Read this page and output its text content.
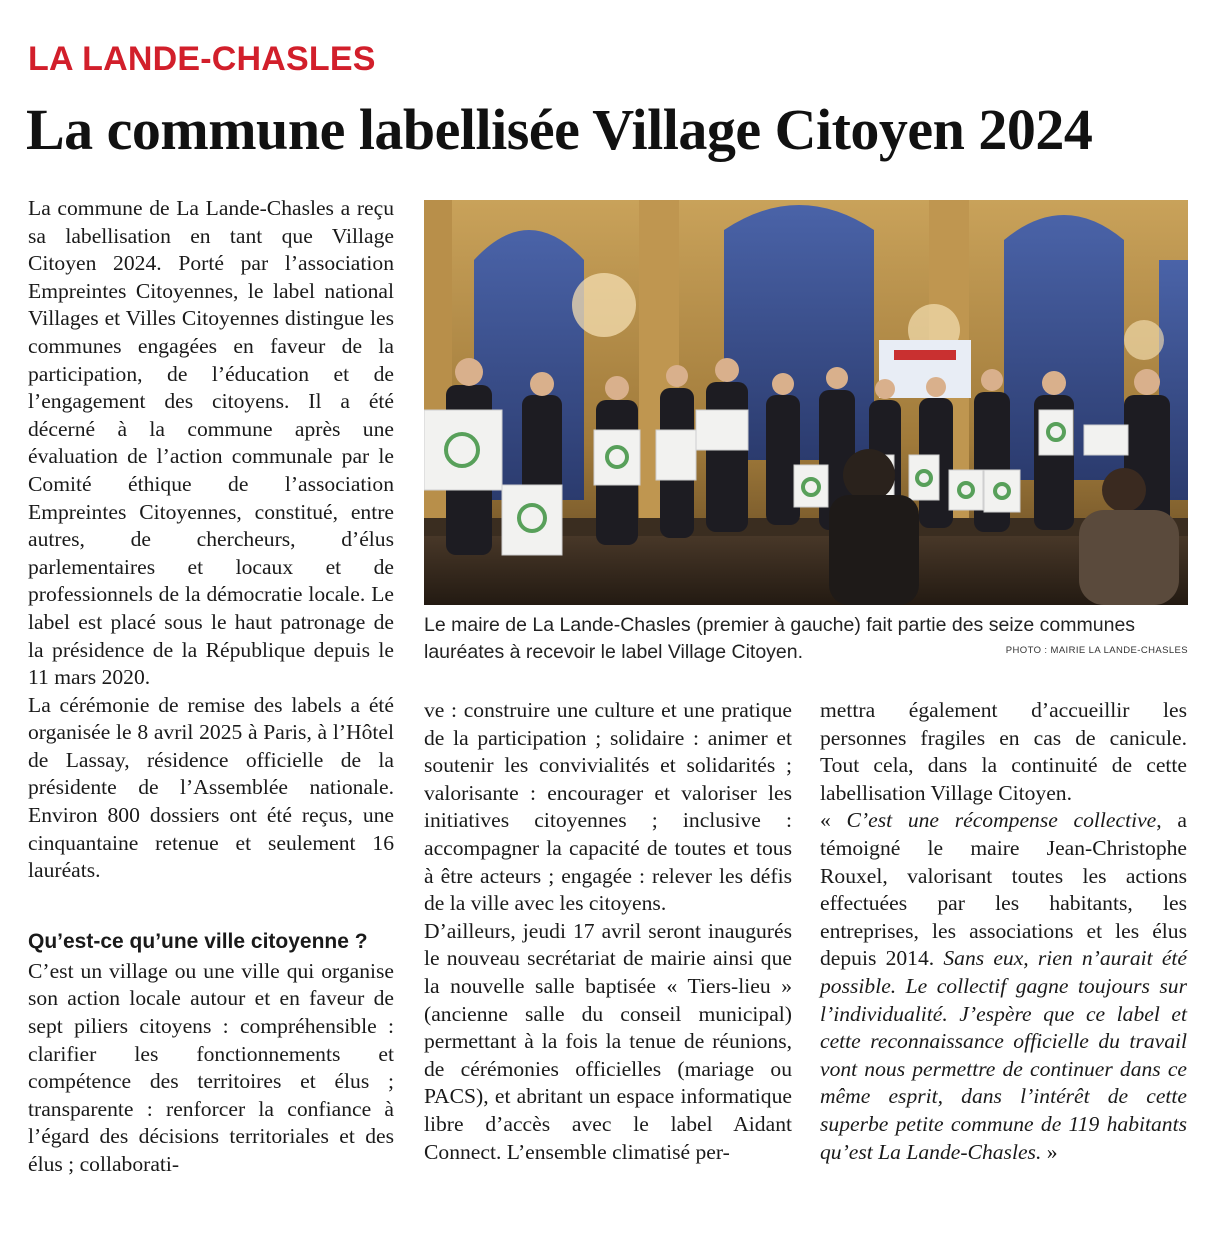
LA LANDE-CHASLES
La commune labellisée Village Citoyen 2024

La commune de La Lande-Chasles a reçu sa labellisation en tant que Village Citoyen 2024. Porté par l’association Empreintes Citoyennes, le label national Villages et Villes Citoyennes distingue les communes engagées en faveur de la participation, de l’éducation et de l’engagement des citoyens. Il a été décerné à la commune après une évaluation de l’action communale par le Comité éthique de l’association Empreintes Citoyennes, constitué, entre autres, de chercheurs, d’élus parlementaires et locaux et de professionnels de la démocratie locale. Le label est placé sous le haut patronage de la présidence de la République depuis le 11 mars 2020.

La cérémonie de remise des labels a été organisée le 8 avril 2025 à Paris, à l’Hôtel de Lassay, résidence officielle de la présidente de l’Assemblée nationale. Environ 800 dossiers ont été reçus, une cinquantaine retenue et seulement 16 lauréats.

Qu’est-ce qu’une ville citoyenne ?

C’est un village ou une ville qui organise son action locale autour et en faveur de sept piliers citoyens : compréhensible : clarifier les fonctionnements et compétence des territoires et élus ; transparente : renforcer la confiance à l’égard des décisions territoriales et des élus ; collaborati-

Le maire de La Lande-Chasles (premier à gauche) fait partie des seize communes lauréates à recevoir le label Village Citoyen.	PHOTO : MAIRIE LA LANDE-CHASLES

ve : construire une culture et une pratique de la participation ; solidaire : animer et soutenir les convivialités et solidarités ; valorisante : encourager et valoriser les initiatives citoyennes ; inclusive : accompagner la capacité de toutes et tous à être acteurs ; engagée : relever les défis de la ville avec les citoyens.

D’ailleurs, jeudi 17 avril seront inaugurés le nouveau secrétariat de mairie ainsi que la nouvelle salle baptisée « Tiers-lieu » (ancienne salle du conseil municipal) permettant à la fois la tenue de réunions, de cérémonies officielles (mariage ou PACS), et abritant un espace informatique libre d’accès avec le label Aidant Connect. L’ensemble climatisé per-

mettra également d’accueillir les personnes fragiles en cas de canicule. Tout cela, dans la continuité de cette labellisation Village Citoyen.

« C’est une récompense collective, a témoigné le maire Jean-Christophe Rouxel, valorisant toutes les actions effectuées par les habitants, les entreprises, les associations et les élus depuis 2014. Sans eux, rien n’aurait été possible. Le collectif gagne toujours sur l’individualité. J’espère que ce label et cette reconnaissance officielle du travail vont nous permettre de continuer dans ce même esprit, dans l’intérêt de cette superbe petite commune de 119 habitants qu’est La Lande-Chasles. »
